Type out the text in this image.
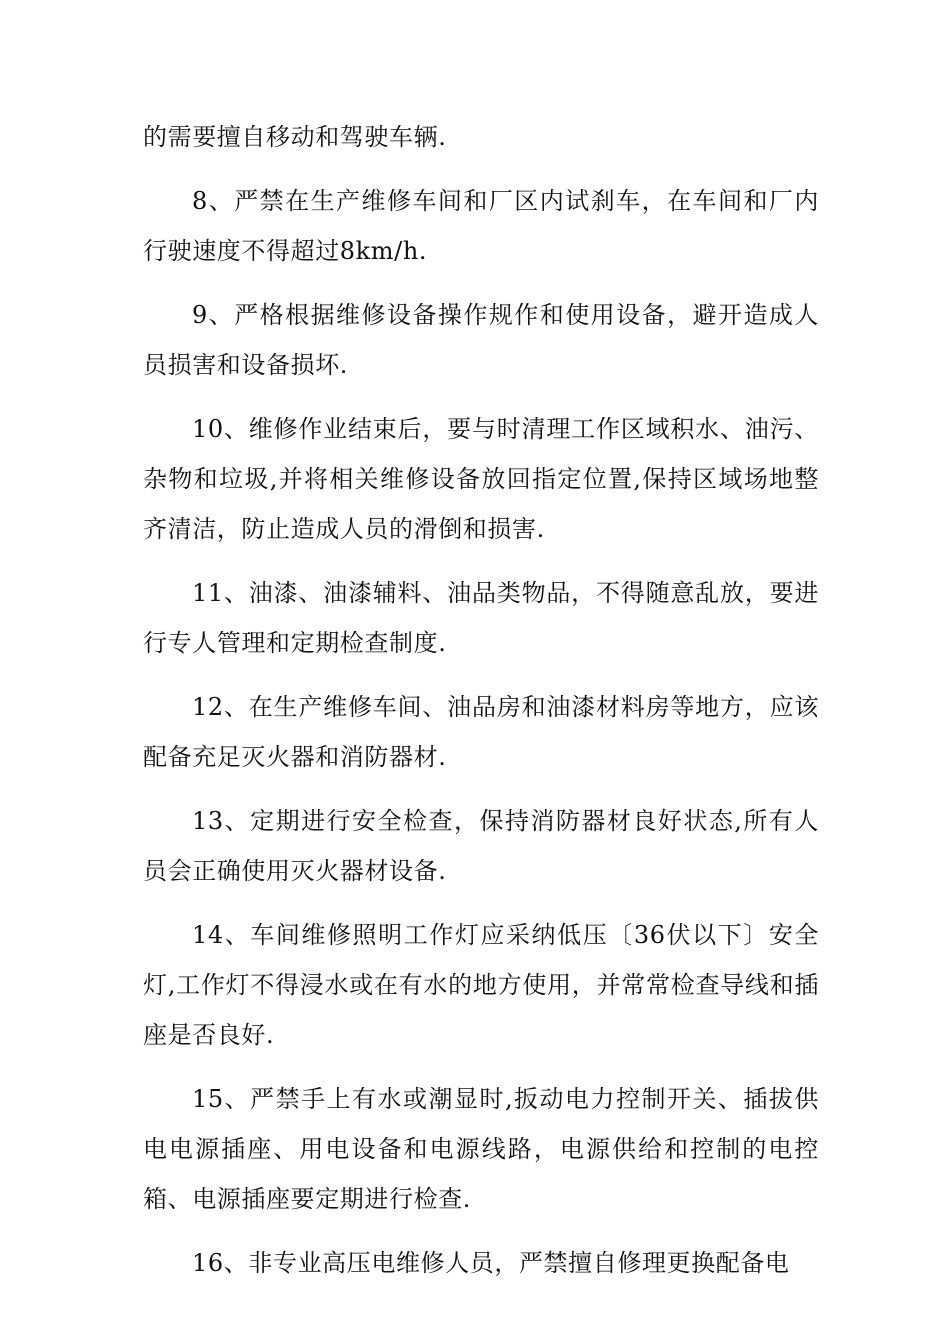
的需要擅自移动和驾驶车辆.

8、严禁在生产维修车间和厂区内试刹车，在车间和厂内行驶速度不得超过8km/h.

9、严格根据维修设备操作规作和使用设备，避开造成人员损害和设备损坏.

10、维修作业结束后，要与时清理工作区域积水、油污、杂物和垃圾,并将相关维修设备放回指定位置,保持区域场地整齐清洁，防止造成人员的滑倒和损害.

11、油漆、油漆辅料、油品类物品，不得随意乱放，要进行专人管理和定期检查制度.

12、在生产维修车间、油品房和油漆材料房等地方，应该配备充足灭火器和消防器材.

13、定期进行安全检查，保持消防器材良好状态,所有人员会正确使用灭火器材设备.

14、车间维修照明工作灯应采纳低压〔36伏以下〕安全灯,工作灯不得浸水或在有水的地方使用，并常常检查导线和插座是否良好.

15、严禁手上有水或潮显时,扳动电力控制开关、插拔供电电源插座、用电设备和电源线路，电源供给和控制的电控箱、电源插座要定期进行检查.

16、非专业高压电维修人员，严禁擅自修理更换配备电
